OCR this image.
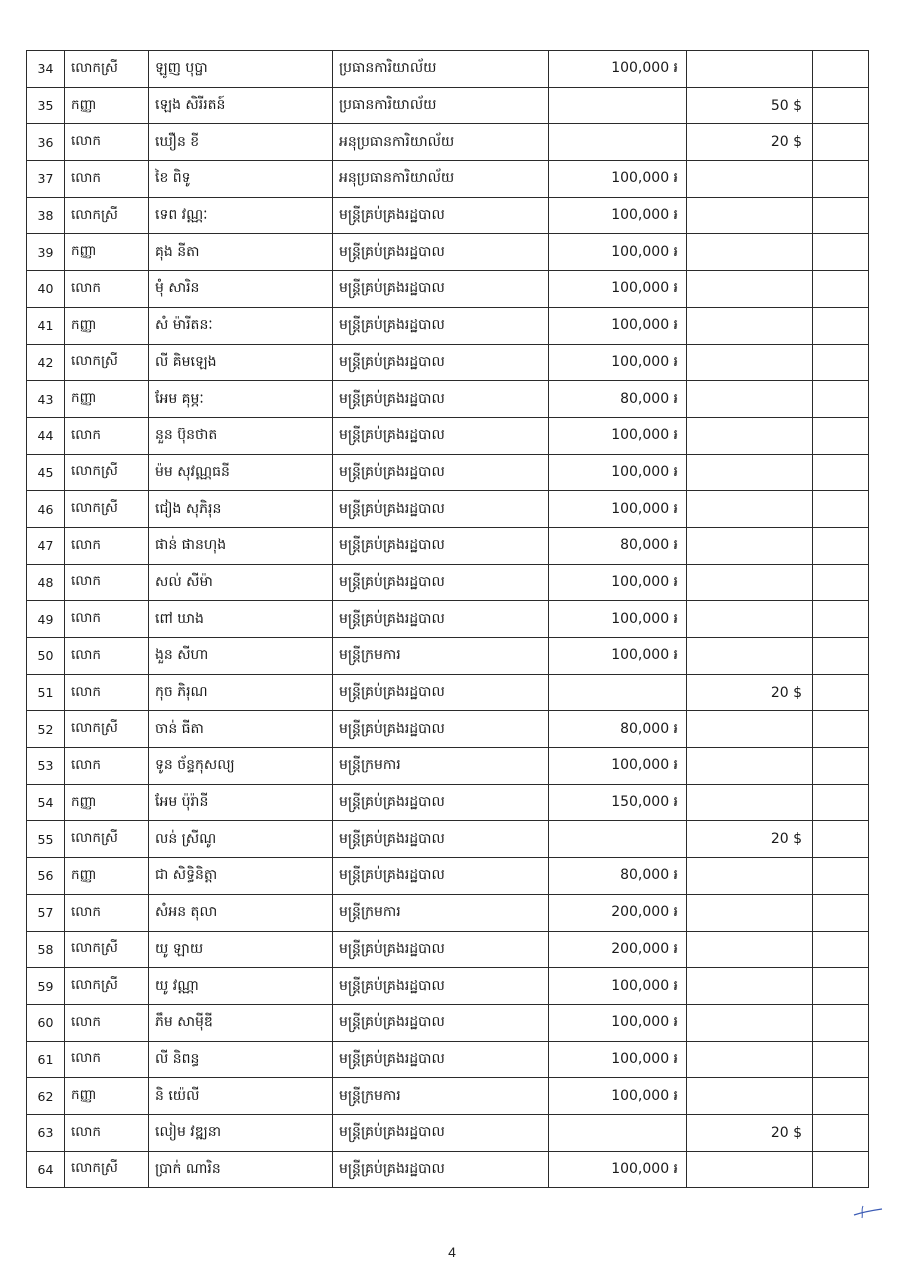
34	លោកស្រី	ឡូញ បុប្ផា	ប្រធានការិយាល័យ	100,000 ៛		
35	កញ្ញា	ឡេង សិរីរតន៍	ប្រធានការិយាល័យ		50 $	
36	លោក	ឃឿន ខី	អនុប្រធានការិយាល័យ		20 $	
37	លោក	ខៃ ពិទូ	អនុប្រធានការិយាល័យ	100,000 ៛		
38	លោកស្រី	ទេព វណ្ណៈ	មន្ត្រីគ្រប់គ្រងរដ្ឋបាល	100,000 ៛		
39	កញ្ញា	គុង នីតា	មន្ត្រីគ្រប់គ្រងរដ្ឋបាល	100,000 ៛		
40	លោក	មុំ សារិន	មន្ត្រីគ្រប់គ្រងរដ្ឋបាល	100,000 ៛		
41	កញ្ញា	សំ ម៉ារីតនៈ	មន្ត្រីគ្រប់គ្រងរដ្ឋបាល	100,000 ៛		
42	លោកស្រី	លី គិមឡេង	មន្ត្រីគ្រប់គ្រងរដ្ឋបាល	100,000 ៛		
43	កញ្ញា	អែម គុម្ភៈ	មន្ត្រីគ្រប់គ្រងរដ្ឋបាល	80,000 ៛		
44	លោក	នួន ប៊ុនថាត	មន្ត្រីគ្រប់គ្រងរដ្ឋបាល	100,000 ៛		
45	លោកស្រី	ម៉ម សុវណ្ណធនី	មន្ត្រីគ្រប់គ្រងរដ្ឋបាល	100,000 ៛		
46	លោកស្រី	ជៀង សុភិរុន	មន្ត្រីគ្រប់គ្រងរដ្ឋបាល	100,000 ៛		
47	លោក	ផាន់ ផានហុង	មន្ត្រីគ្រប់គ្រងរដ្ឋបាល	80,000 ៛		
48	លោក	សល់ សីម៉ា	មន្ត្រីគ្រប់គ្រងរដ្ឋបាល	100,000 ៛		
49	លោក	ពៅ ឃាង	មន្ត្រីគ្រប់គ្រងរដ្ឋបាល	100,000 ៛		
50	លោក	ងួន សីហា	មន្ត្រីក្រមការ	100,000 ៛		
51	លោក	កុច ភិរុណ	មន្ត្រីគ្រប់គ្រងរដ្ឋបាល		20 $	
52	លោកស្រី	ចាន់ ធីតា	មន្ត្រីគ្រប់គ្រងរដ្ឋបាល	80,000 ៛		
53	លោក	ទូន ច័ន្ទកុសល្យ	មន្ត្រីក្រមការ	100,000 ៛		
54	កញ្ញា	អែម ប៉ុរ៉ានី	មន្ត្រីគ្រប់គ្រងរដ្ឋបាល	150,000 ៛		
55	លោកស្រី	លន់ ស្រីណូ	មន្ត្រីគ្រប់គ្រងរដ្ឋបាល		20 $	
56	កញ្ញា	ជា សិទ្ធិនិត្តា	មន្ត្រីគ្រប់គ្រងរដ្ឋបាល	80,000 ៛		
57	លោក	សំអន តុលា	មន្ត្រីក្រមការ	200,000 ៛		
58	លោកស្រី	យូ ឡាយ	មន្ត្រីគ្រប់គ្រងរដ្ឋបាល	200,000 ៛		
59	លោកស្រី	យូ វណ្ណា	មន្ត្រីគ្រប់គ្រងរដ្ឋបាល	100,000 ៛		
60	លោក	ភឹម សាម៉ីឌី	មន្ត្រីគ្រប់គ្រងរដ្ឋបាល	100,000 ៛		
61	លោក	លី និពន្ធ	មន្ត្រីគ្រប់គ្រងរដ្ឋបាល	100,000 ៛		
62	កញ្ញា	និ យ៉េលី	មន្ត្រីក្រមការ	100,000 ៛		
63	លោក	លៀម វឌ្ឍនា	មន្ត្រីគ្រប់គ្រងរដ្ឋបាល		20 $	
64	លោកស្រី	ប្រាក់ ណារិន	មន្ត្រីគ្រប់គ្រងរដ្ឋបាល	100,000 ៛		
4
